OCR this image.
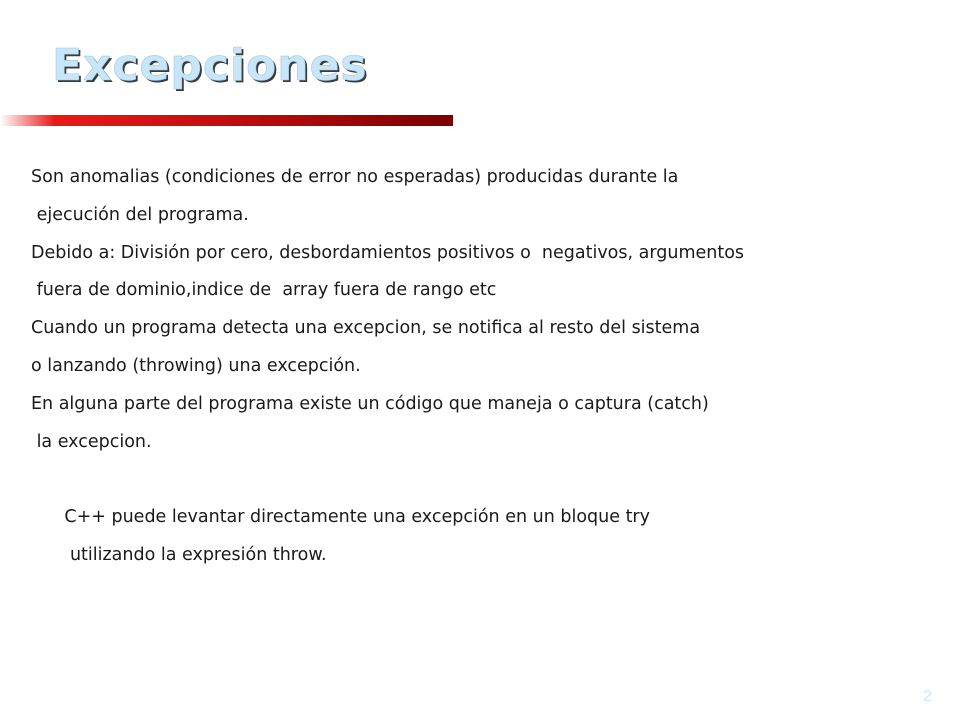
Excepciones
Son anomalias (condiciones de error no esperadas) producidas durante la
ejecución del programa.
Debido a: División por cero, desbordamientos positivos o  negativos, argumentos
fuera de dominio,indice de  array fuera de rango etc
Cuando un programa detecta una excepcion, se notifica al resto del sistema
o lanzando (throwing) una excepción.
En alguna parte del programa existe un código que maneja o captura (catch)
la excepcion.
C++ puede levantar directamente una excepción en un bloque try
utilizando la expresión throw.
2
